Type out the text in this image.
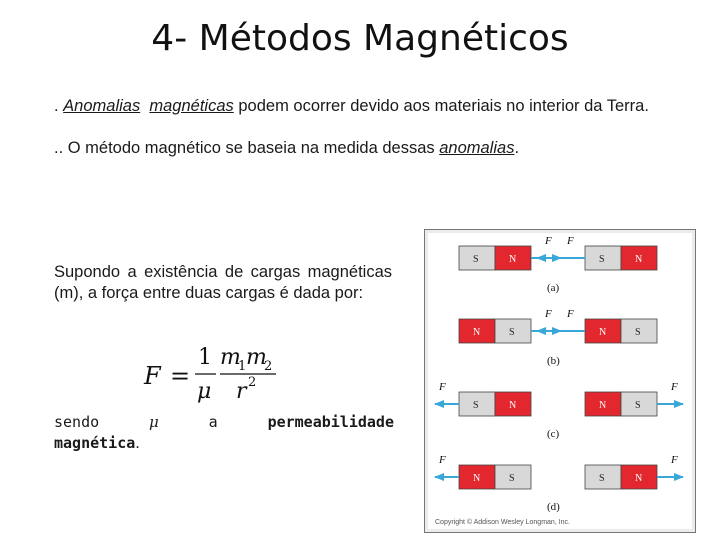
4- Métodos Magnéticos
. Anomalias magnéticas podem ocorrer devido aos materiais no interior da Terra.
.. O método magnético se baseia na medida dessas anomalias.
Supondo a existência de cargas magnéticas (m), a força entre duas cargas é dada por:
F =
1
μ
m
1 m
2
r 2
sendo	μ	a	permeabilidade
magnética.
S	N	S	N
F F
(a)
N	S	N	S
F F
(b)
S	N	N	S
F	F
(c)
N	S	S	N
F	F
(d)
Copyright © Addison Wesley Longman, Inc.
